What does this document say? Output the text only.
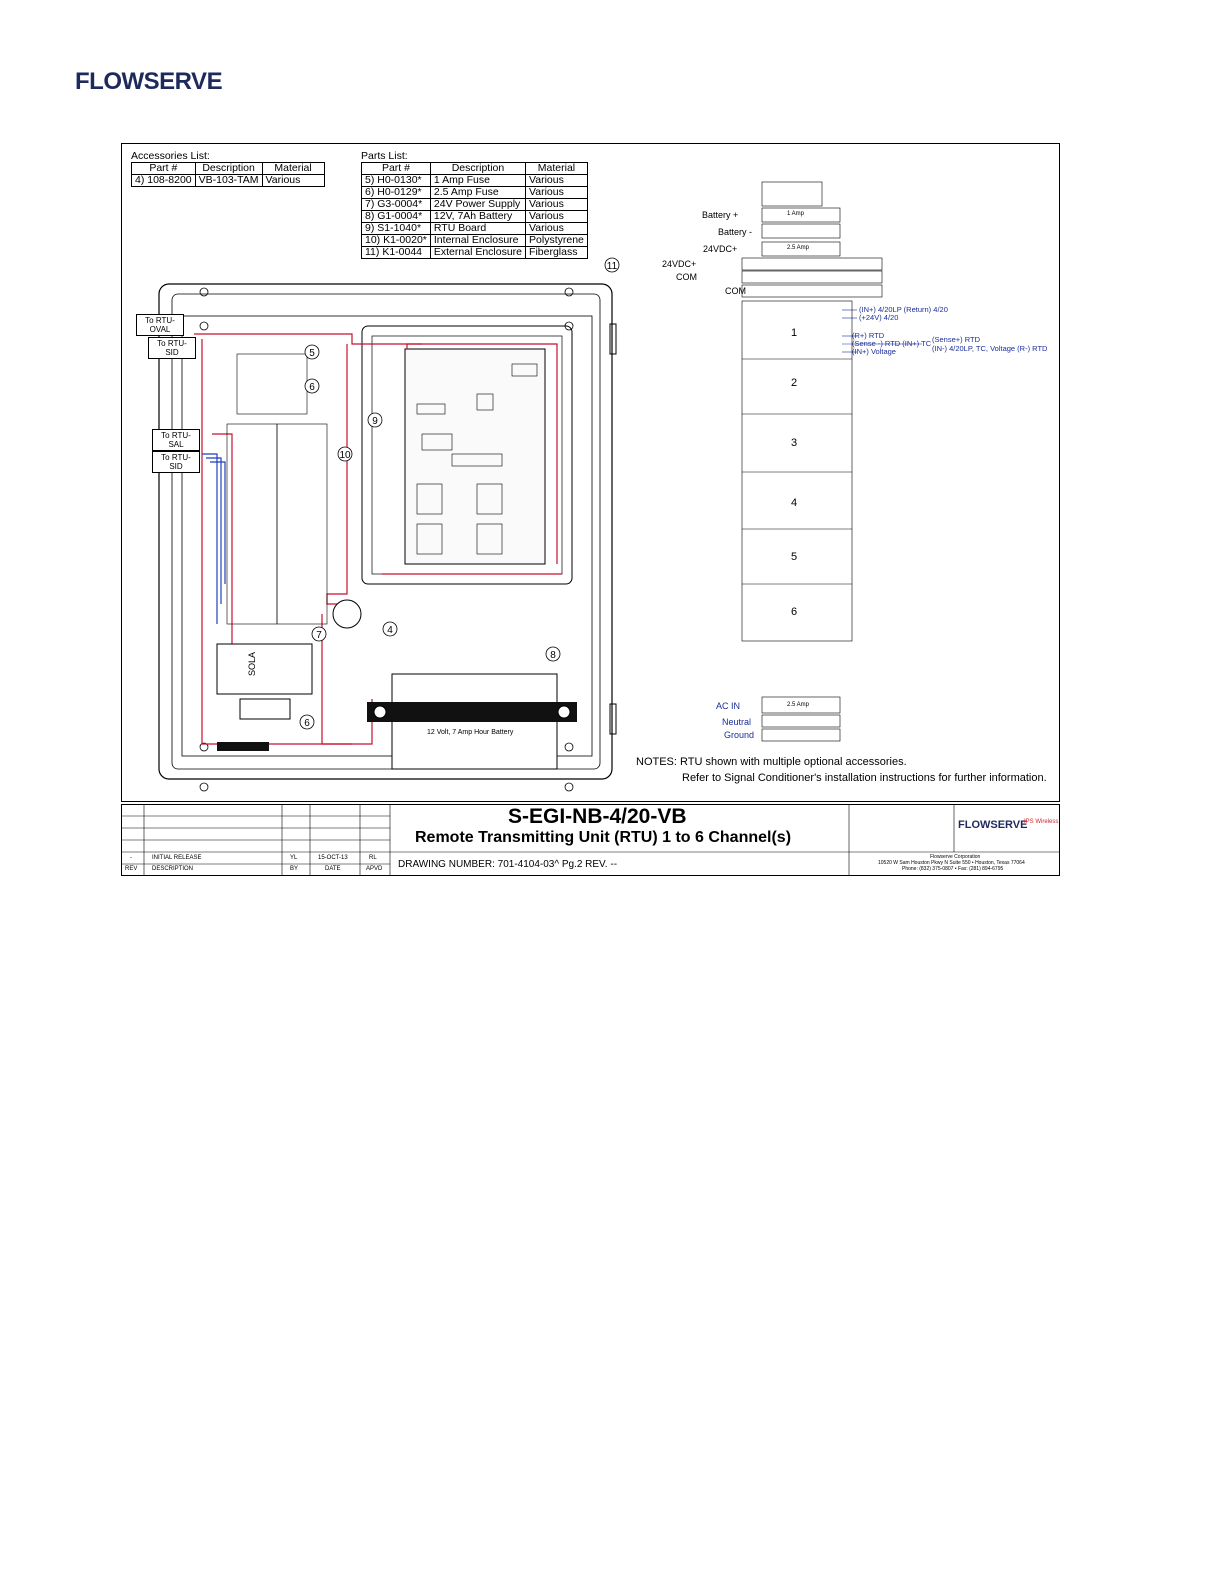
FLOWSERVE
Accessories List:
Part #	Description	Material
4) 108-8200	VB-103-TAM	Various
Parts List:
Part #	Description	Material
5) H0-0130*	1 Amp Fuse	Various
6) H0-0129*	2.5 Amp Fuse	Various
7) G3-0004*	24V Power Supply	Various
8) G1-0004*	12V, 7Ah Battery	Various
9) S1-1040*	RTU Board	Various
10) K1-0020*	Internal Enclosure	Polystyrene
11) K1-0044	External Enclosure	Fiberglass
4
5
6
7
8
9
10
11
6
To RTU-OVAL
To RTU-SID
To RTU-SAL
To RTU-SID
SOLA
12 Volt, 7 Amp Hour Battery
Battery +
Battery -
24VDC+
24VDC+
COM
COM
1 Amp
2.5 Amp
1
2
3
4
5
6
(IN+) 4/20LP (Return) 4/20
(+24V) 4/20
(R+) RTD
(Sense -) RTD (IN+) TC
(IN+) Voltage
(Sense+) RTD
(IN-) 4/20LP, TC, Voltage (R-) RTD
AC IN
Neutral
Ground
2.5 Amp
NOTES: RTU shown with multiple optional accessories.
Refer to Signal Conditioner's installation instructions for further information.
-	INITIAL RELEASE	YL	15-OCT-13	RL
REV DESCRIPTION	BY	DATE	APVD
S-EGI-NB-4/20-VB
Remote Transmitting Unit (RTU) 1 to 6 Channel(s)
DRAWING NUMBER: 701-4104-03^ Pg.2 REV. --
FLOWSERVE
IPS Wireless
Flowserve Corporation
10520 W Sam Houston Pkwy N Suite 550 • Houston, Texas 77064
Phone: (832) 375-0807 • Fax: (281) 894-6795
